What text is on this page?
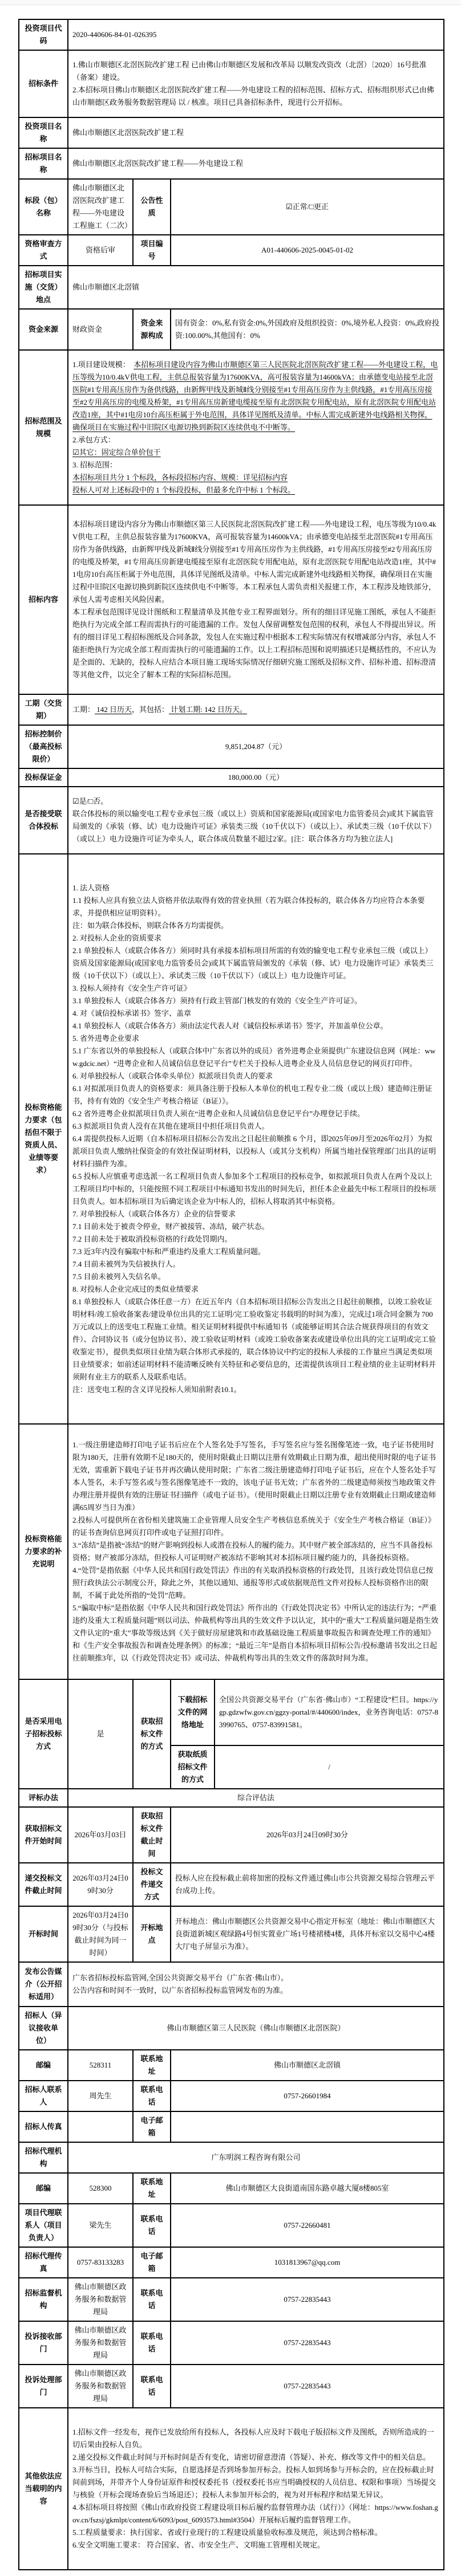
投资项目代码	2020-440606-84-01-026395			
招标条件	1.佛山市顺德区北滘医院改扩建工程 已由佛山市顺德区发展和改革局 以顺发改资改（北滘）〔2020〕16号批准（备案）建设。

2.本招标项目佛山市顺德区北滘医院改扩建工程——外电建设工程的招标范围、招标方式、招标组织形式已由佛山市顺德区政务服务数据管理局 以 / 核准。项目已具备招标条件，现进行公开招标。			

投资项目名称	佛山市顺德区北滘医院改扩建工程			
招标项目名称	佛山市顺德区北滘医院改扩建工程——外电建设工程			
标段（包）名称	佛山市顺德区北滘医院改扩建工程——外电建设工程施工（二次）	公告性质	☑正常/□更正	
资格审查方式	资格后审	项目编号	A01-440606-2025-0045-01-02	
招标项目实施（交货）地点	佛山市顺德区北滘镇			
资金来源	财政资金	资金来源构成	国有资金：0%,私有资金:0%,外国政府及组织投资：0%,境外私人投资：0%,政府投资:100.00%,其他国有：0%	
招标范围及规模	

1.项目建设规模：　本招标项目建设内容为佛山市顺德区第三人民医院北滘医院改扩建工程——外电建设工程，电压等级为10/0.4kV供电工程，主供总报装容量为17600KVA，高可报装容量为14600kVA；由承德变电站接至北滘医院#1专用高压房作为备供线路，由新辉甲线及新城Ⅱ线分别接至#1专用高压房作为主供线路，#1专用高压房接至#2专用高压房的电缆及桥架，#1专用高压房新建电缆接至原有北滘医院专用配电站，原有北滘医院专用配电站改造1座，其中#1电房10台高压柜属于外电范围，具体详见图纸及清单。中标人需完成新建外电线路相关物探，确保项目在实施过程中旧院区电源切换到新院区连续供电不中断等。

2.承包方式：

☑其它：固定综合单价包干

3. 招标范围：

本招标项目共分 1 个标段，各标段招标内容、规模：详见招标内容

投标人可对上述标段中的 1 个标段投标，但最多允许中标 1 个标段。

招标内容	本招标项目建设内容分为佛山市顺德区第三人民医院北滘医院改扩建工程——外电建设工程，电压等级为10/0.4kV供电工程，主供总报装容量为17600KVA，高可报装容量为14600kVA；由承德变电站接至北滘医院#1专用高压房作为备供线路，由新辉甲线及新城Ⅱ线分别接至#1专用高压房作为主供线路，#1专用高压房接至#2专用高压房的电缆及桥架，#1专用高压房新建电缆接至原有北滘医院专用配电站，原有北滘医院专用配电站改造1座，其中#1电房10台高压柜属于外电范围，具体详见图纸及清单。中标人需完成新建外电线路相关物探，确保项目在实施过程中旧院区电源切换到新院区连续供电不中断等。本工程承包人需负责相关报建工作，本工程涉及地铁部分，承包人需考虑相关风险因素。

本工程承包范围详见设计图纸和工程量清单及其他专业工程界面划分。所有的细目详见施工图纸，承包人不能拒绝执行为完成全部工程而需执行的可能遗漏的工作。发包人保留调整发包范围的权利，承包人不得提出异议。所有的细目详见工程招标图纸及合同条款，发包人在实施过程中根据本工程实际情况有权增减部分内容，承包人不能拒绝执行为完成全部工程而需执行的可能遗漏的工作。以上工程招标范围和说明描述只是概括性的，不应认为是全面的、无缺的，投标人应结合本项目施工现场实际情况仔细研究施工图纸及招标文件、招标补遗、招标澄清等其他文件，以完全了解本工程的实际招标范围。			

工期（交货期）	工期： 142 日历天，其包括： 计划工期: 142 日历天。			
招标控制价（最高投标限价）	9,851,204.87（元）			
投标保证金	180,000.00（元）			
是否接受联合体投标	☑是/□否。

联合体投标的须以输变电工程专业承包三级（或以上）资质和国家能源局(或国家电力监管委员会)或其下属监管局颁发的《承装（修、试）电力设施许可证》承装类三级（10千伏以下）（或以上）、承试类三级（10千伏以下）（或以上）电力设施许可证为牵头人，联合体成员数量不超过2家。[注：联合体各方均为独立法人]			

投标资格能力要求（包括但不限于资质人员、业绩等要求）	

1. 法人资格

1.1 投标人应具有独立法人资格并依法取得有效的营业执照（若为联合体投标的，联合体各方均应符合本条要求，并提供相应证明资料）。

注：如为联合体投标，则联合体各方均需提供。

2. 对投标人企业的资质要求

2.1 单独投标人（或联合体各方）须同时具有承接本招标项目所需的有效的输变电工程专业承包三级（或以上）资质及国家能源局(或国家电力监管委员会)或其下属监管局颁发的《承装（修、试）电力设施许可证》承装类三级（10千伏以下）（或以上）、承试类三级（10千伏以下）（或以上）电力设施许可证。

3. 投标人须持有《安全生产许可证》

3.1 单独投标人（或联合体各方）须持有行政主管部门核发的有效的《安全生产许可证》。

4. 对《诚信投标承诺书》签字、盖章

4.1 单独投标人（或联合体各方）须由法定代表人对《诚信投标承诺书》签字，并加盖单位公章。

5. 省外进粤企业要求

5.1 广东省以外的单独投标人（或联合体中广东省以外的成员）省外进粤企业须提供广东建设信息网（网址：www.gdcic.net）“进粤企业和人员诚信信息登记平台”专栏关于投标人进粤企业及人员信息登记的网页打印件。

6. 对单独投标人（或联合体牵头单位）拟派项目负责人的要求

6.1 对拟派项目负责人的资格要求：须具备注册于投标人本单位的机电工程专业二级（或以上级）建造师注册证书，持有有效的《安全生产考核合格证（B证）》。

6.2 省外进粤企业拟派项目负责人须在“进粤企业和人员诚信信息登记平台”办理登记手续。

6.3 拟派项目负责人没有在其他在建项目中担任项目负责人。

6.4 需提供投标人近期（自本招标项目招标公告发出之日起往前顺推 6 个月，即2025年09月至2026年02月）为拟派项目负责人缴纳社保资金的有效社保证明材料，以投标人（或其分支机构）所属当地社保管理部门出具的证明材料扫描件为准。

6.5 投标人应慎重考虑选派一名工程项目负责人参加多个工程项目的投标竞争，如拟派项目负责人在两个及以上工程项目均中标的，只能按照不同工程项目中标通知书发出的时间先后，担任本企业最先中标工程项目的投标项目负责人。如本招标项目为后确定该企业为中标人的，招标人将取消其中标资格。

7. 对单独投标人（或联合体各方）企业的信誉要求

7.1 目前未处于被责令停业，财产被接管、冻结，破产状态。

7.2 目前未处于被取消投标资格的行政处罚期内。

7.3 近3年内没有骗取中标和严重违约及重大工程质量问题。

7.4 目前未被列为失信被执行人。

7.5 目前未被列入失信名单。

8. 对投标人企业完成过的类似业绩要求

8.1 单独投标人（或联合体任意一方）在近五年内（自本招标项目招标公告发出之日起往前顺推，以竣工验收证明材料/竣工验收备案表/建设单位出具的完工证明/完工验收鉴定书载明的时间为准），完成过1项合同金额为 700万元或以上的送变电工程施工业绩。相关证明材料提供中标通知书（或能够证明其合法合规获得项目的有效文件）、合同协议书（或分包协议书）、竣工验收证明材料（或竣工验收备案表或建设单位出具的完工证明或完工验收鉴定书），提供类似项目业绩为联合体形式承接的，联合体协议中约定的投标人承接的工作量应当满足类似项目业绩要求；如前述证明材料不能清晰反映有关特征和必要信息的，还需提供该项目工程业绩的业主证明材料并须附有业主方的联系人及联系电话。

注：送变电工程的含义详见投标人须知前附表10.1。

投标资格能力要求的补充说明	1.一级注册建造师打印电子证书后应在个人签名处手写签名，手写签名应与签名图像笔迹一致，电子证书使用时限为180天，注册有效期不足180天的，使用时限截止日期以注册有效期截止日期为准，超出使用时限的电子证书无效，需重新下载电子证书并再次确认使用时限；广东省二级注册建造师打印电子证书后，应在个人签名处手写本人签名，未手写签名或与签名图像笔迹不一致的，该电子证书无效；广东省外的二级建造师须按当地政策文件办理注册并提供有效的注册证书扫描件（或电子证书）。（使用时限截止日期以注册专业有效期截止日期或建造师满65周岁当日为准）

2.投标人可提供所在省份相关建筑施工企业管理人员安全生产考核信息系统关于《安全生产考核合格证（B证）》的证书查询信息网页打印件或电子证照打印件。

3.“冻结”是指被“冻结”的财产影响到投标人或潜在投标人的履约能力。其中财产被全部冻结的，应当不具备投标资格；财产被部分冻结，但投标人可证明财产被冻结不影响其对本招标项目履约能力的，具备投标资格。

4.“处罚”是指依据《中华人民共和国行政处罚法》作出的有关取消投标资格的行政处罚，且该行政处罚信息已按照行政执法公示制度公开，除此之外，其他以通知、通报等形式或依据规范性文件对投标人投标资格作出的限制，不属于此处所指的“处罚”范畴。

5.“骗取中标”是指依据《中华人民共和国行政处罚法》所作出的《行政处罚决定书》中所认定的违法行为；“严重违约及重大工程质量问题”则以司法、仲裁机构等出具的生效文件予以认定，其中的“重大”工程质量问题是指生效文件认定的“重大”事故等级达到《关于做好房屋建筑和市政基础设施工程质量事故报告和调查处理工作的通知》和《生产安全事故报告和调查处理条例》的标准；“最近三年”是指自本招标项目招标公告/投标邀请书发出之日起往前顺推3年，以《行政处罚决定书》或司法、仲裁机构等出具的生效文件的落款时间为准。			

是否采用电子招标投标方式	是	获取招标文件的方式	下载招标文件的网络地址	全国公共资源交易平台（广东省·佛山市）“工程建设”栏目。https://ygp.gdzwfw.gov.cn/ggzy-portal/#/440600/index，业务咨询电话：0757-83990765、0757-83991581。
			获取纸质招标文件的方式	/
评标办法	综合评估法			
获取招标文件开始时间	2026年03月03日	获取招标文件截止时间	2026年03月24日09时30分	
递交投标文件截止时间	2026年03月24日09时30分	投标文件递交方式	投标人应在投标截止前将加密的投标文件通过佛山市公共资源交易综合管理云平台成功上传。	
开标时间	2026年03月24日09时30分（与投标截止时间为同一时间）	开标地点	开标地点：佛山市顺德区公共资源交易中心指定开标室（地址：佛山市顺德区大良街道新城区观绿路4号恒实置业广场1号楼裙楼4楼，具体开标室以交易中心4楼大厅电子屏显示为准）。	
发布公告媒介（公开招标适用）	广东省招标投标监管网,全国公共资源交易平台（广东省·佛山市）。

公告内容和时间不一致时，以广东省招标投标监管网发布的为准。			

招标人（异议接收单位）	佛山市顺德区第三人民医院（佛山市顺德区北滘医院）			
邮编	528311	联系地址	佛山市顺德区北滘镇	
招标人联系人	周先生	联系电话	0757-26601984	
招标人传真		电子邮箱		
招标代理机构	广东明润工程咨询有限公司			
邮编	528300	联系地址	佛山市顺德区大良街道南国东路卓越大厦8楼805室	
项目代理联系人（项目负责人）	梁先生	联系电话	0757-22660481	
招标代理传真	0757-83133283	电子邮箱	1031813967@qq.com	
招标监督机构	佛山市顺德区政务服务和数据管理局	联系电话	0757-22835443	
投诉接收部门	佛山市顺德区政务服务和数据管理局	联系电话	0757-22835443	
投诉处理部门	佛山市顺德区政务服务和数据管理局	联系电话	0757-22835443	
其他依法应当载明的内容	

1.招标文件一经发布，视作已发放给所有投标人，各投标人应及时下载电子版招标文件及图纸，否则所造成的一切后果由投标人自负。

2.递交投标文件截止时间与开标时间是否有变化，请密切留意澄清（答疑）、补充、修改等文件中的相关信息。

3.开标当日，投标人可结合实际，自愿选择是否到场参加开标会。投标人如到场参与开标会的，应在投标截止时间前到场，并带齐个人身份证原件和授权委托书（授权委托书应当明确授权的人员信息、权限和事项）当场提交与核验（开标会现场查验后当场退还）；投标人未参加开标会的，视为对开标程序和结果无异议。

4.本招标项目将按照《佛山市政府投资工程建设项目标后履约监督管理办法（试行）》（网址：https://www.foshan.gov.cn/fszsj/gkmlpt/content/6/6093/post_6093573.html#3504）开展标后履约监督管理工作。

5.工程质量要求：执行国家、省或行业现行的工程建设质量验收标准及规范，须达到合格标准。

6.安全文明施工要求： 符合国家、省、市安全生产、文明施工管理相关规定。
